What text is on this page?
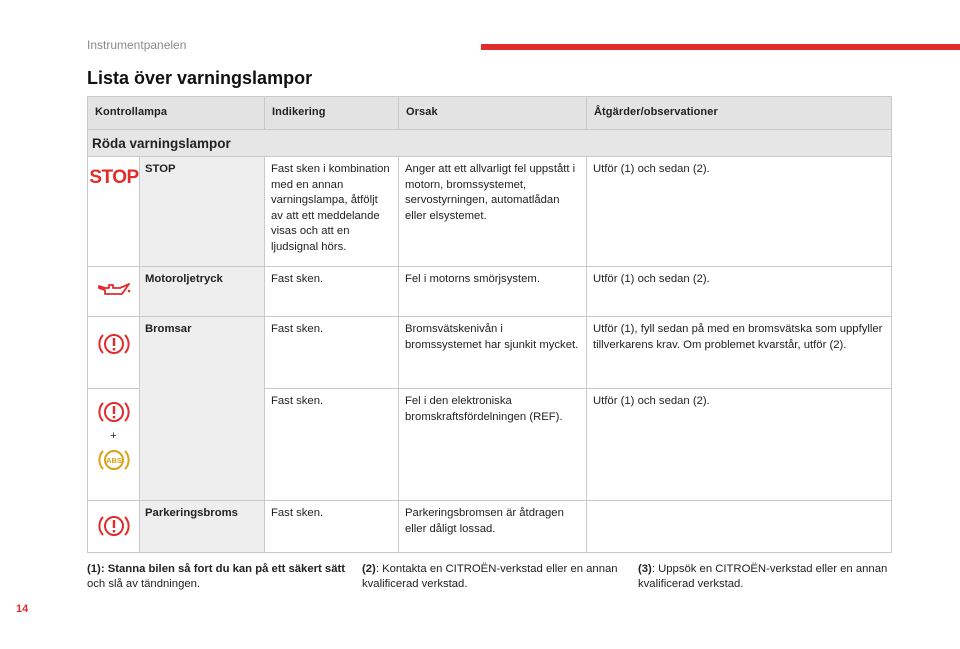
Instrumentpanelen
Lista över varningslampor
Kontrollampa		Indikering	Orsak	Åtgärder/observationer
Röda varningslampor				

STOP	STOP	Fast sken i kombination med en annan varningslampa, åtföljt av att ett meddelande visas och att en ljudsignal hörs.	Anger att ett allvarligt fel uppstått i motorn, bromssystemet, servostyrningen, automatlådan eller elsystemet.	Utför (1) och sedan (2).

	Motoroljetryck	Fast sken.	Fel i motorns smörjsystem.	Utför (1) och sedan (2).

	Bromsar	Fast sken.	Bromsvätskenivån i bromssystemet har sjunkit mycket.	Utför (1), fyll sedan på med en bromsvätska som uppfyller tillverkarens krav. Om problemet kvarstår, utför (2).

+
ABS		Fast sken.	Fel i den elektroniska bromskraftsfördelningen (REF).	Utför (1) och sedan (2).

	Parkeringsbroms	Fast sken.	Parkeringsbromsen är åtdragen eller dåligt lossad.	
(1): Stanna bilen så fort du kan på ett säkert sätt och slå av tändningen.
(2): Kontakta en CITROËN-verkstad eller en annan kvalificerad verkstad.
(3): Uppsök en CITROËN-verkstad eller en annan kvalificerad verkstad.
14
